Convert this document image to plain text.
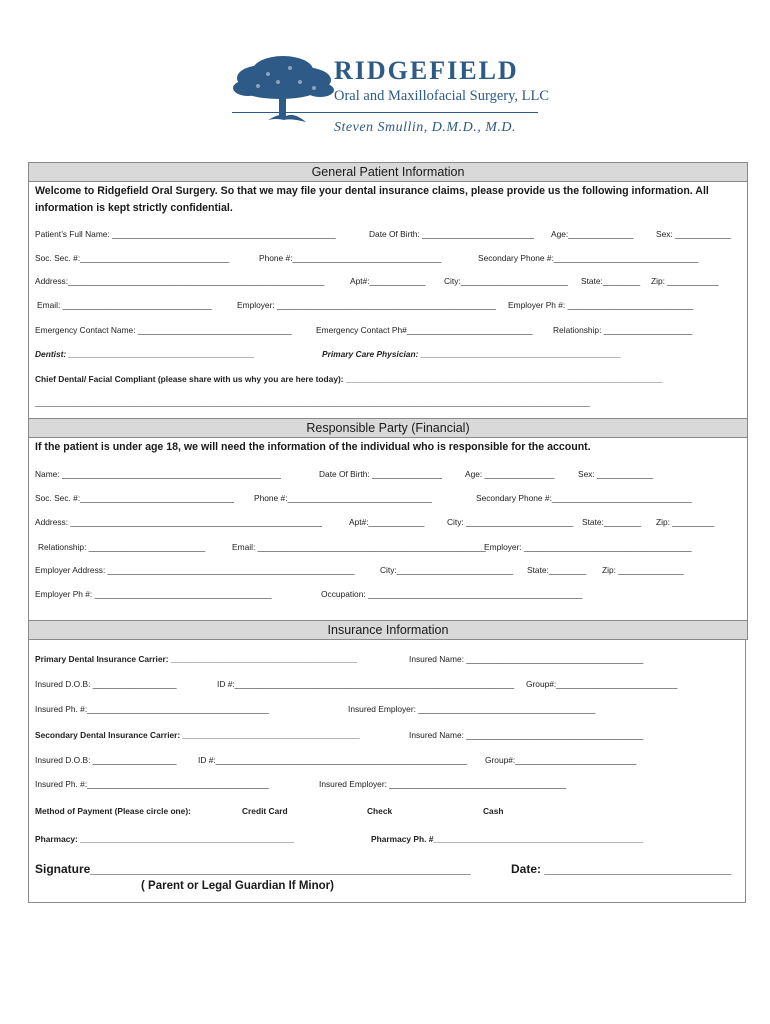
RIDGEFIELD
Oral and Maxillofacial Surgery, LLC
Steven Smullin, D.M.D., M.D.
General Patient Information
Welcome to Ridgefield Oral Surgery. So that we may file your dental insurance claims, please provide us the following information. All information is kept strictly confidential.
Patient’s Full Name: ________________________________________________	Date Of Birth: ________________________ Age:______________	Sex: ____________
Soc. Sec. #:________________________________	Phone #:________________________________	Secondary Phone #:_______________________________
Address:_______________________________________________________	Apt#:____________ City:_______________________ State:________ Zip: ___________
Email: ________________________________	Employer: _______________________________________________ Employer Ph #: ___________________________
Emergency Contact Name: _________________________________	Emergency Contact Ph#___________________________ Relationship: ___________________
Dentist: ________________________________________	Primary Care Physician: ___________________________________________
Chief Dental/ Facial Compliant (please share with us why you are here today): ____________________________________________________________________
_______________________________________________________________________________________________________________________________________
Responsible Party (Financial)
If the patient is under age 18, we will need the information of the individual who is responsible for the account.
Name: _______________________________________________	Date Of Birth: _______________	Age: _______________	Sex: ____________
Soc. Sec. #:_________________________________ Phone #:_______________________________	Secondary Phone #:______________________________
Address: ______________________________________________________	Apt#:____________	City: _______________________ State:________ Zip: _________
Relationship: _________________________	Email: _________________________________________________
Employer: ____________________________________
Employer Address: _____________________________________________________	City:_________________________ State:________ Zip: ______________
Employer Ph #: ______________________________________	Occupation: ______________________________________________
Insurance Information
Primary Dental Insurance Carrier: ________________________________________	Insured Name: ______________________________________
Insured D.O.B: __________________	ID #:____________________________________________________________ Group#:__________________________
Insured Ph. #:_______________________________________	Insured Employer: ______________________________________
Secondary Dental Insurance Carrier: ______________________________________	Insured Name: ______________________________________
Insured D.O.B: __________________	ID #:______________________________________________________ Group#:__________________________
Insured Ph. #:_______________________________________	Insured Employer: ______________________________________
Method of Payment (Please circle one):	Credit Card	Check	Cash
Pharmacy: ______________________________________________	Pharmacy Ph. #_____________________________________________
Signature_________________________________________________________	Date: ____________________________
( Parent or Legal Guardian If Minor)
